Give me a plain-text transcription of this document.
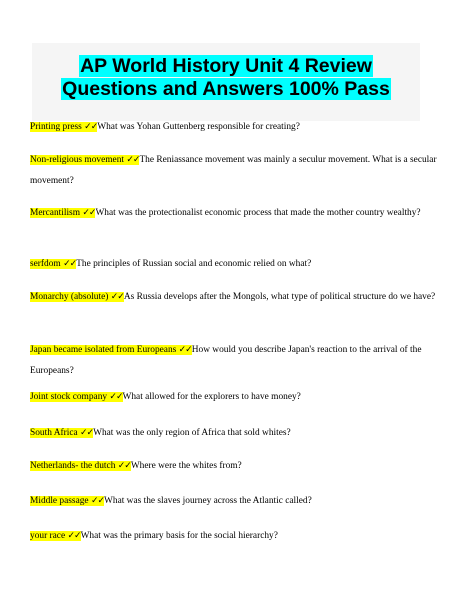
AP World History Unit 4 Review
Questions and Answers 100% Pass
Printing press ✓✓What was Yohan Guttenberg responsible for creating?
Non-religious movement ✓✓The Reniassance movement was mainly a seculur movement. What is a secular movement?
Mercantilism ✓✓What was the protectionalist economic process that made the mother country wealthy?
serfdom ✓✓The principles of Russian social and economic relied on what?
Monarchy (absolute) ✓✓As Russia develops after the Mongols, what type of political structure do we have?
Japan became isolated from Europeans ✓✓How would you describe Japan's reaction to the arrival of the Europeans?
Joint stock company ✓✓What allowed for the explorers to have money?
South Africa ✓✓What was the only region of Africa that sold whites?
Netherlands- the dutch ✓✓Where were the whites from?
Middle passage ✓✓What was the slaves journey across the Atlantic called?
your race ✓✓What was the primary basis for the social hierarchy?
